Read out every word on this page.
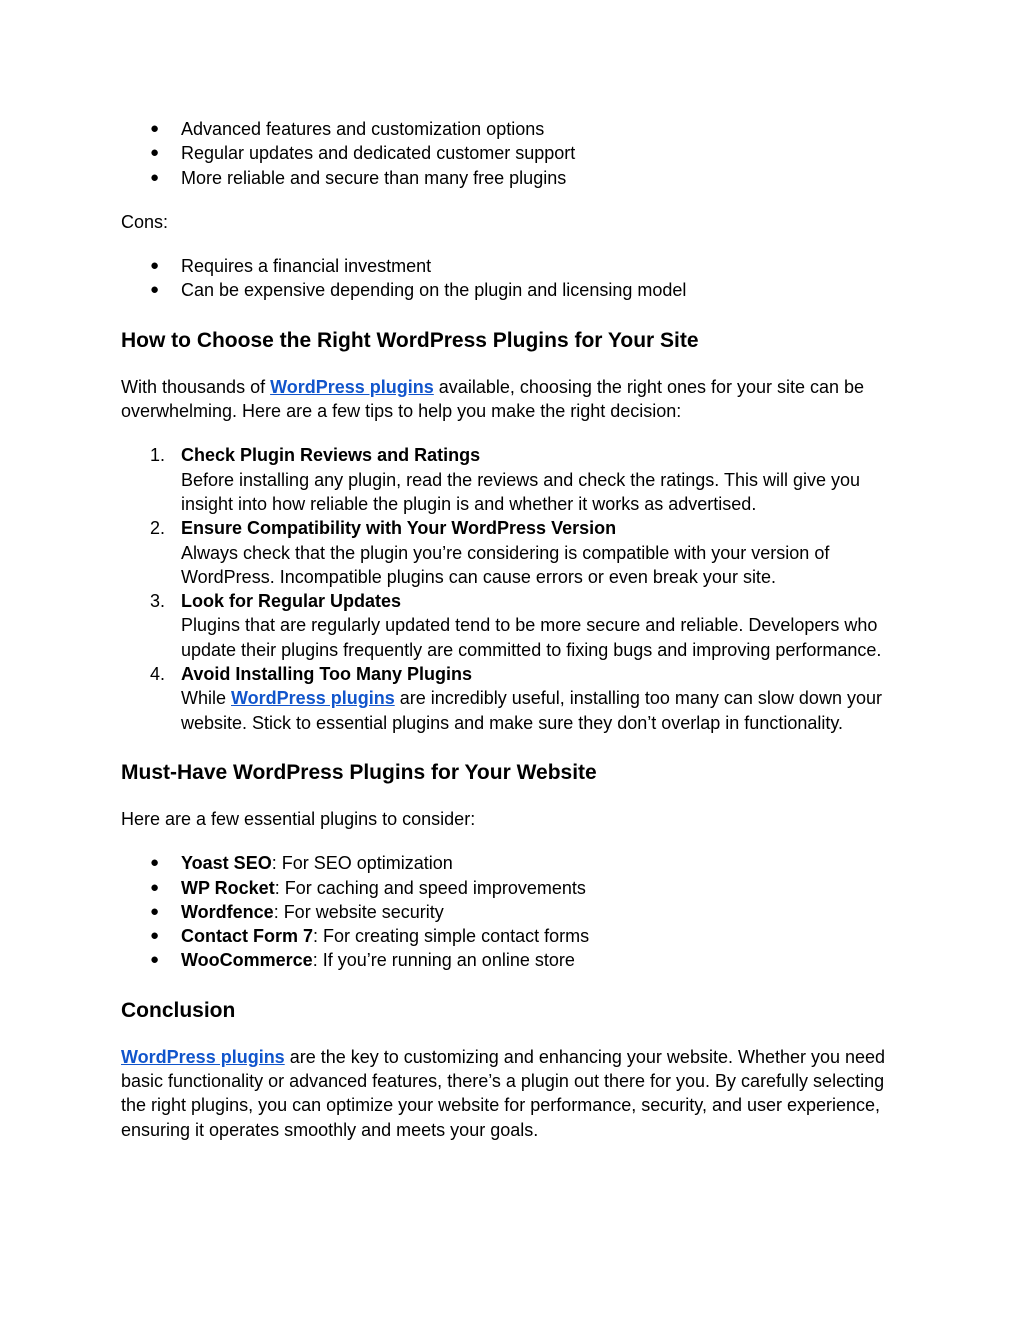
● Advanced features and customization options
● Regular updates and dedicated customer support
● More reliable and secure than many free plugins

Cons:

● Requires a financial investment
● Can be expensive depending on the plugin and licensing model
How to Choose the Right WordPress Plugins for Your Site

With thousands of WordPress plugins available, choosing the right ones for your site can be overwhelming. Here are a few tips to help you make the right decision:

1. Check Plugin Reviews and Ratings
Before installing any plugin, read the reviews and check the ratings. This will give you insight into how reliable the plugin is and whether it works as advertised.
2. Ensure Compatibility with Your WordPress Version
Always check that the plugin you’re considering is compatible with your version of WordPress. Incompatible plugins can cause errors or even break your site.
3. Look for Regular Updates
Plugins that are regularly updated tend to be more secure and reliable. Developers who update their plugins frequently are committed to fixing bugs and improving performance.
4. Avoid Installing Too Many Plugins
While WordPress plugins are incredibly useful, installing too many can slow down your website. Stick to essential plugins and make sure they don’t overlap in functionality.
Must-Have WordPress Plugins for Your Website

Here are a few essential plugins to consider:

● Yoast SEO: For SEO optimization
● WP Rocket: For caching and speed improvements
● Wordfence: For website security
● Contact Form 7: For creating simple contact forms
● WooCommerce: If you’re running an online store
Conclusion

WordPress plugins are the key to customizing and enhancing your website. Whether you need basic functionality or advanced features, there’s a plugin out there for you. By carefully selecting the right plugins, you can optimize your website for performance, security, and user experience, ensuring it operates smoothly and meets your goals.
